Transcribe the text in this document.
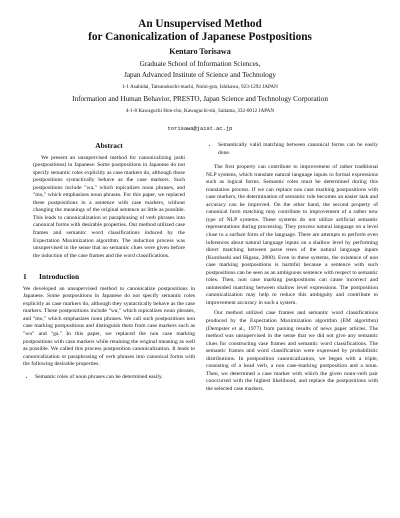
An Unsupervised Method
for Canonicalization of Japanese Postpositions
Kentaro Torisawa
Graduate School of Information Sciences,
Japan Advanced Institute of Science and Technology
1-1 Asahidai, Tatsunokuchi-machi, Nomi-gun, Ishikawa, 923-1292 JAPAN
Information and Human Behavior, PRESTO, Japan Science and Technology Corporation
4-1-8 Kawaguchi Hon-cho, Kawaguchi-shi, Saitama, 332-0012 JAPAN
torisawa@jaist.ac.jp
Abstract

We present an unsupervised method for canonicalizing joshi (postpositions) in Japanese. Some postpositions in Japanese do not specify semantic roles explicitly as case markers do, although those postpositions syntactically behave as the case markers. Such postpositions include "wa," which topicalizes noun phrases, and "mo," which emphasizes noun phrases. For this paper, we replaced these postpositions in a sentence with case markers, without changing the meanings of the original sentence as little as possible. This leads to canonicalization or paraphrasing of verb phrases into canonical forms with desirable properties. Our method utilized case frames and semantic word classifications induced by the Expectation Maximization algorithm. The induction process was unsupervised in the sense that no semantic clues were given before the induction of the case frames and the word classifications.

1 Introduction

We developed an unsupervised method to canonicalize postpositions in Japanese. Some postpositions in Japanese do not specify semantic roles explicitly as case markers do, although they syntactically behave as the case markers. These postpositions include "wa," which topicalizes noun phrases, and "mo," which emphasizes noun phrases. We call such postpositions non case marking postpositions and distinguish them from case markers such as "wo" and "ga." In this paper, we replaced the non case marking postpositions with case markers while retaining the original meaning as well as possible. We called this process postposition canonicalization. It leads to canonicalization or paraphrasing of verb phrases into canonical forms with the following desirable properties.

• Semantic roles of noun phrases can be determined easily.
• Semantically valid matching between canonical forms can be easily done.

The first property can contribute to improvement of rather traditional NLP systems, which translate natural language inputs to formal expressions such as logical forms. Semantic roles must be determined during this translation process. If we can replace non case marking postpositions with case markers, the determination of semantic role becomes an easier task and accuracy can be improved. On the other hand, the second property of canonical form matching may contribute to improvement of a rather new type of NLP systems. These systems do not utilize artificial semantic representations during processing. They process natural language on a level close to a surface form of the language. There are attempts to perform even inferences about natural language inputs on a shallow level by performing direct matching between parse trees of the natural language inputs (Kurohashi and Higasa, 2000). Even in these systems, the existence of non case marking postpositions is harmful because a sentence with such postpositions can be seen as an ambiguous sentence with respect to semantic roles. Then, non case marking postpositions can cause incorrect and unintended matching between shallow level expressions. The postposition canonicalization may help to reduce this ambiguity and contribute to improvement accuracy in such a system.

Our method utilized case frames and semantic word classifications produced by the Expectation Maximization algorithm (EM algorithm) (Dempster et al., 1977) from parsing results of news paper articles. The method was unsupervised in the sense that we did not give any semantic clues for constructing case frames and semantic word classifications. The semantic frames and word classification were expressed by probabilistic distributions. In postposition canonicalization, we began with a triple, consisting of a head verb, a non case-marking postposition and a noun. Then, we determined a case marker with which the given noun-verb pair cooccurred with the highest likelihood, and replace the postpositions with the selected case markers.
